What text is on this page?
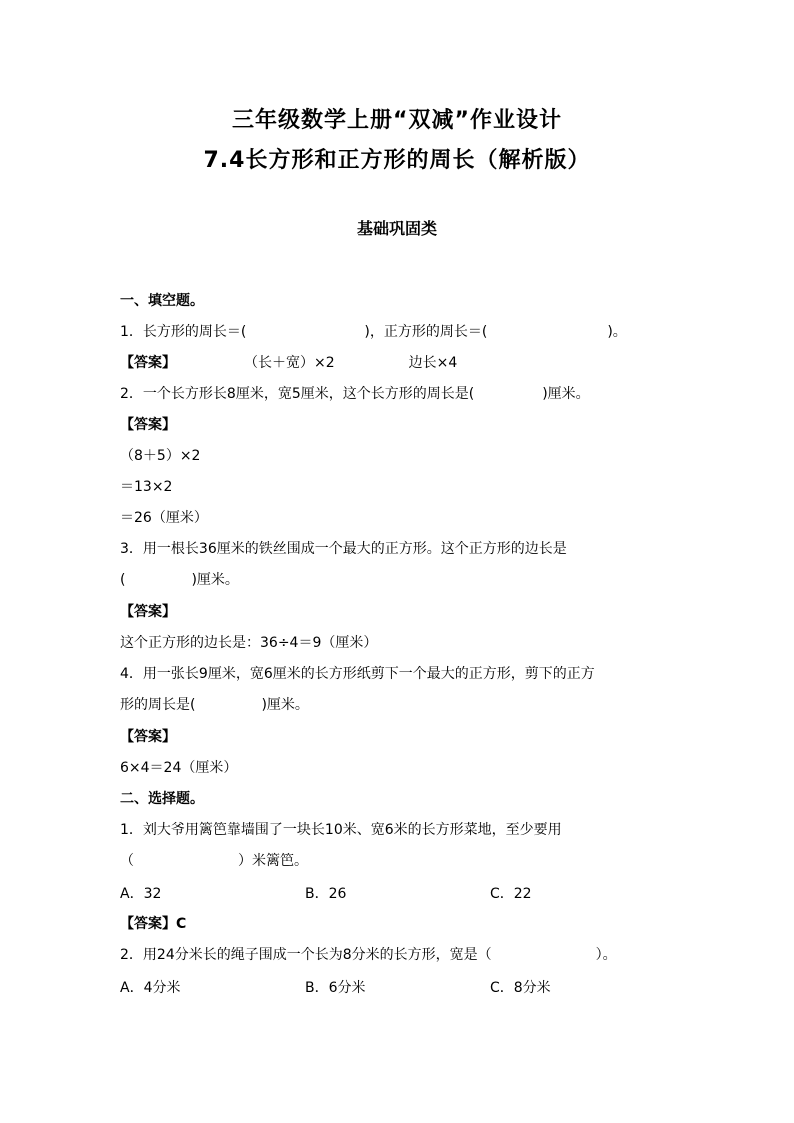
三年级数学上册“双减”作业设计
7.4长方形和正方形的周长（解析版）
基础巩固类
一、填空题。
1．长方形的周长＝(	)，正方形的周长＝(	)。
【答案】	（长＋宽）×2	边长×4
2．一个长方形长8厘米，宽5厘米，这个长方形的周长是(	)厘米。
【答案】
（8＋5）×2
＝13×2
＝26（厘米）
3．用一根长36厘米的铁丝围成一个最大的正方形。这个正方形的边长是
(	)厘米。
【答案】
这个正方形的边长是：36÷4＝9（厘米）
4．用一张长9厘米，宽6厘米的长方形纸剪下一个最大的正方形，剪下的正方
形的周长是(	)厘米。
【答案】
6×4＝24（厘米）
二、选择题。
1．刘大爷用篱笆靠墙围了一块长10米、宽6米的长方形菜地，至少要用
（	）米篱笆。
A．32	B．26	C．22
【答案】C
2．用24分米长的绳子围成一个长为8分米的长方形，宽是（	）。
A．4分米	B．6分米	C．8分米
